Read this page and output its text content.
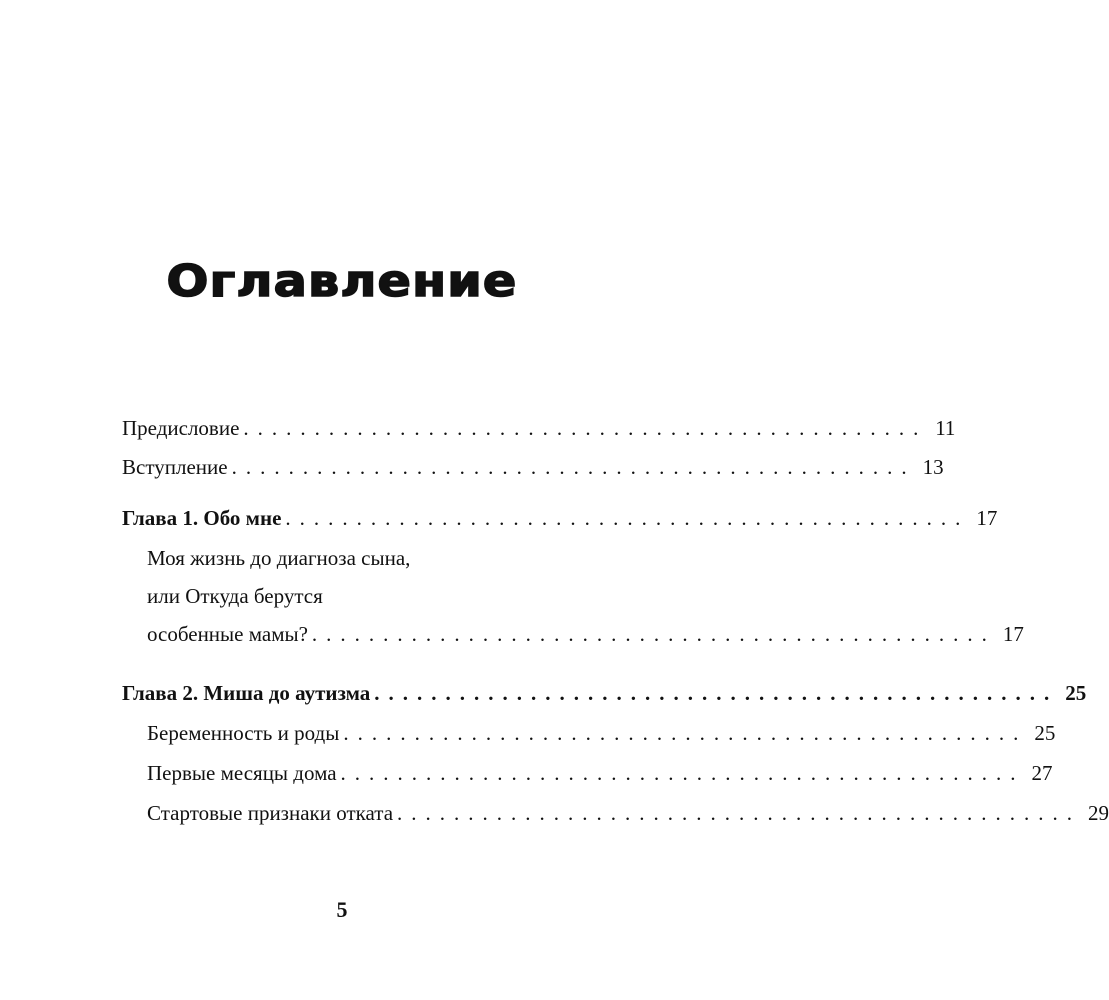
Оглавление
Предисловие ................................................ 11
Вступление ................................................ 13
Глава 1. Обо мне ................................................ 17
Моя жизнь до диагноза сына,
или Откуда берутся
особенные мамы? ................................................ 17
Глава 2. Миша до аутизма ................................................ 25
Беременность и роды ................................................ 25
Первые месяцы дома ................................................ 27
Стартовые признаки отката ................................................ 29
5
